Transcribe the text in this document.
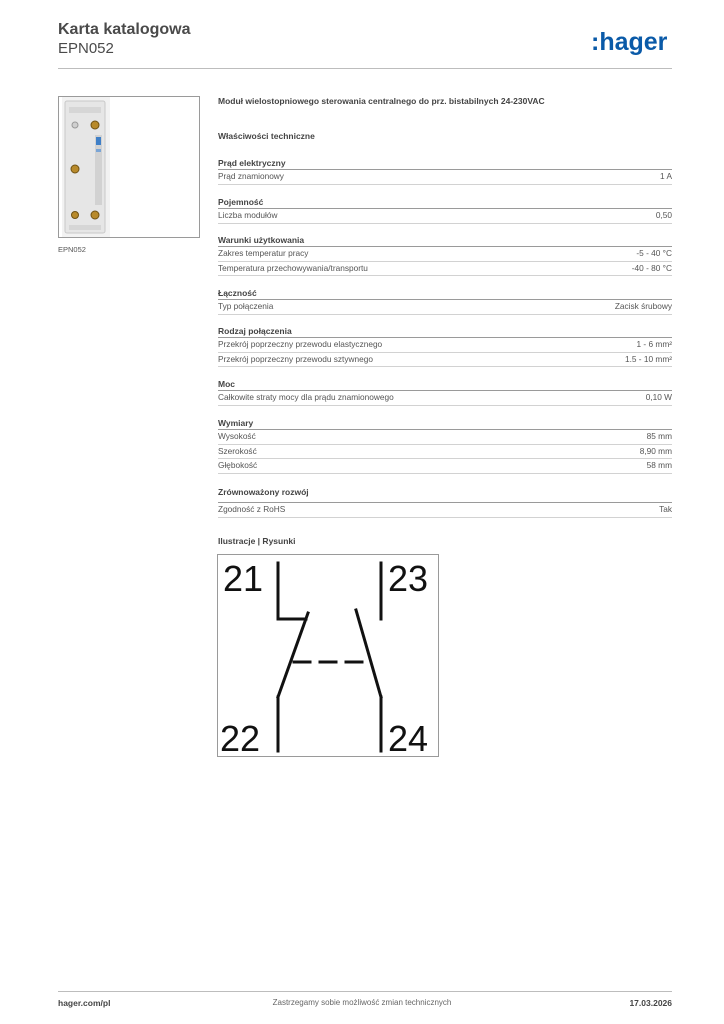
Karta katalogowa
EPN052	:hager
EPN052
Moduł wielostopniowego sterowania centralnego do prz. bistabilnych 24-230VAC
Właściwości techniczne
Prąd elektryczny
Prąd znamionowy	1 A
Pojemność
Liczba modułów	0,50
Warunki użytkowania
Zakres temperatur pracy	-5 - 40 °C
Temperatura przechowywania/transportu	-40 - 80 °C
Łączność
Typ połączenia	Zacisk śrubowy
Rodzaj połączenia
Przekrój poprzeczny przewodu elastycznego	1 - 6 mm²
Przekrój poprzeczny przewodu sztywnego	1.5 - 10 mm²
Moc
Całkowite straty mocy dla prądu znamionowego	0,10 W
Wymiary
Wysokość	85 mm
Szerokość	8,90 mm
Głębokość	58 mm
Zrównoważony rozwój
Zgodność z RoHS	Tak
Ilustracje | Rysunki
21	23
22	24
hager.com/pl	Zastrzegamy sobie możliwość zmian technicznych	17.03.2026
